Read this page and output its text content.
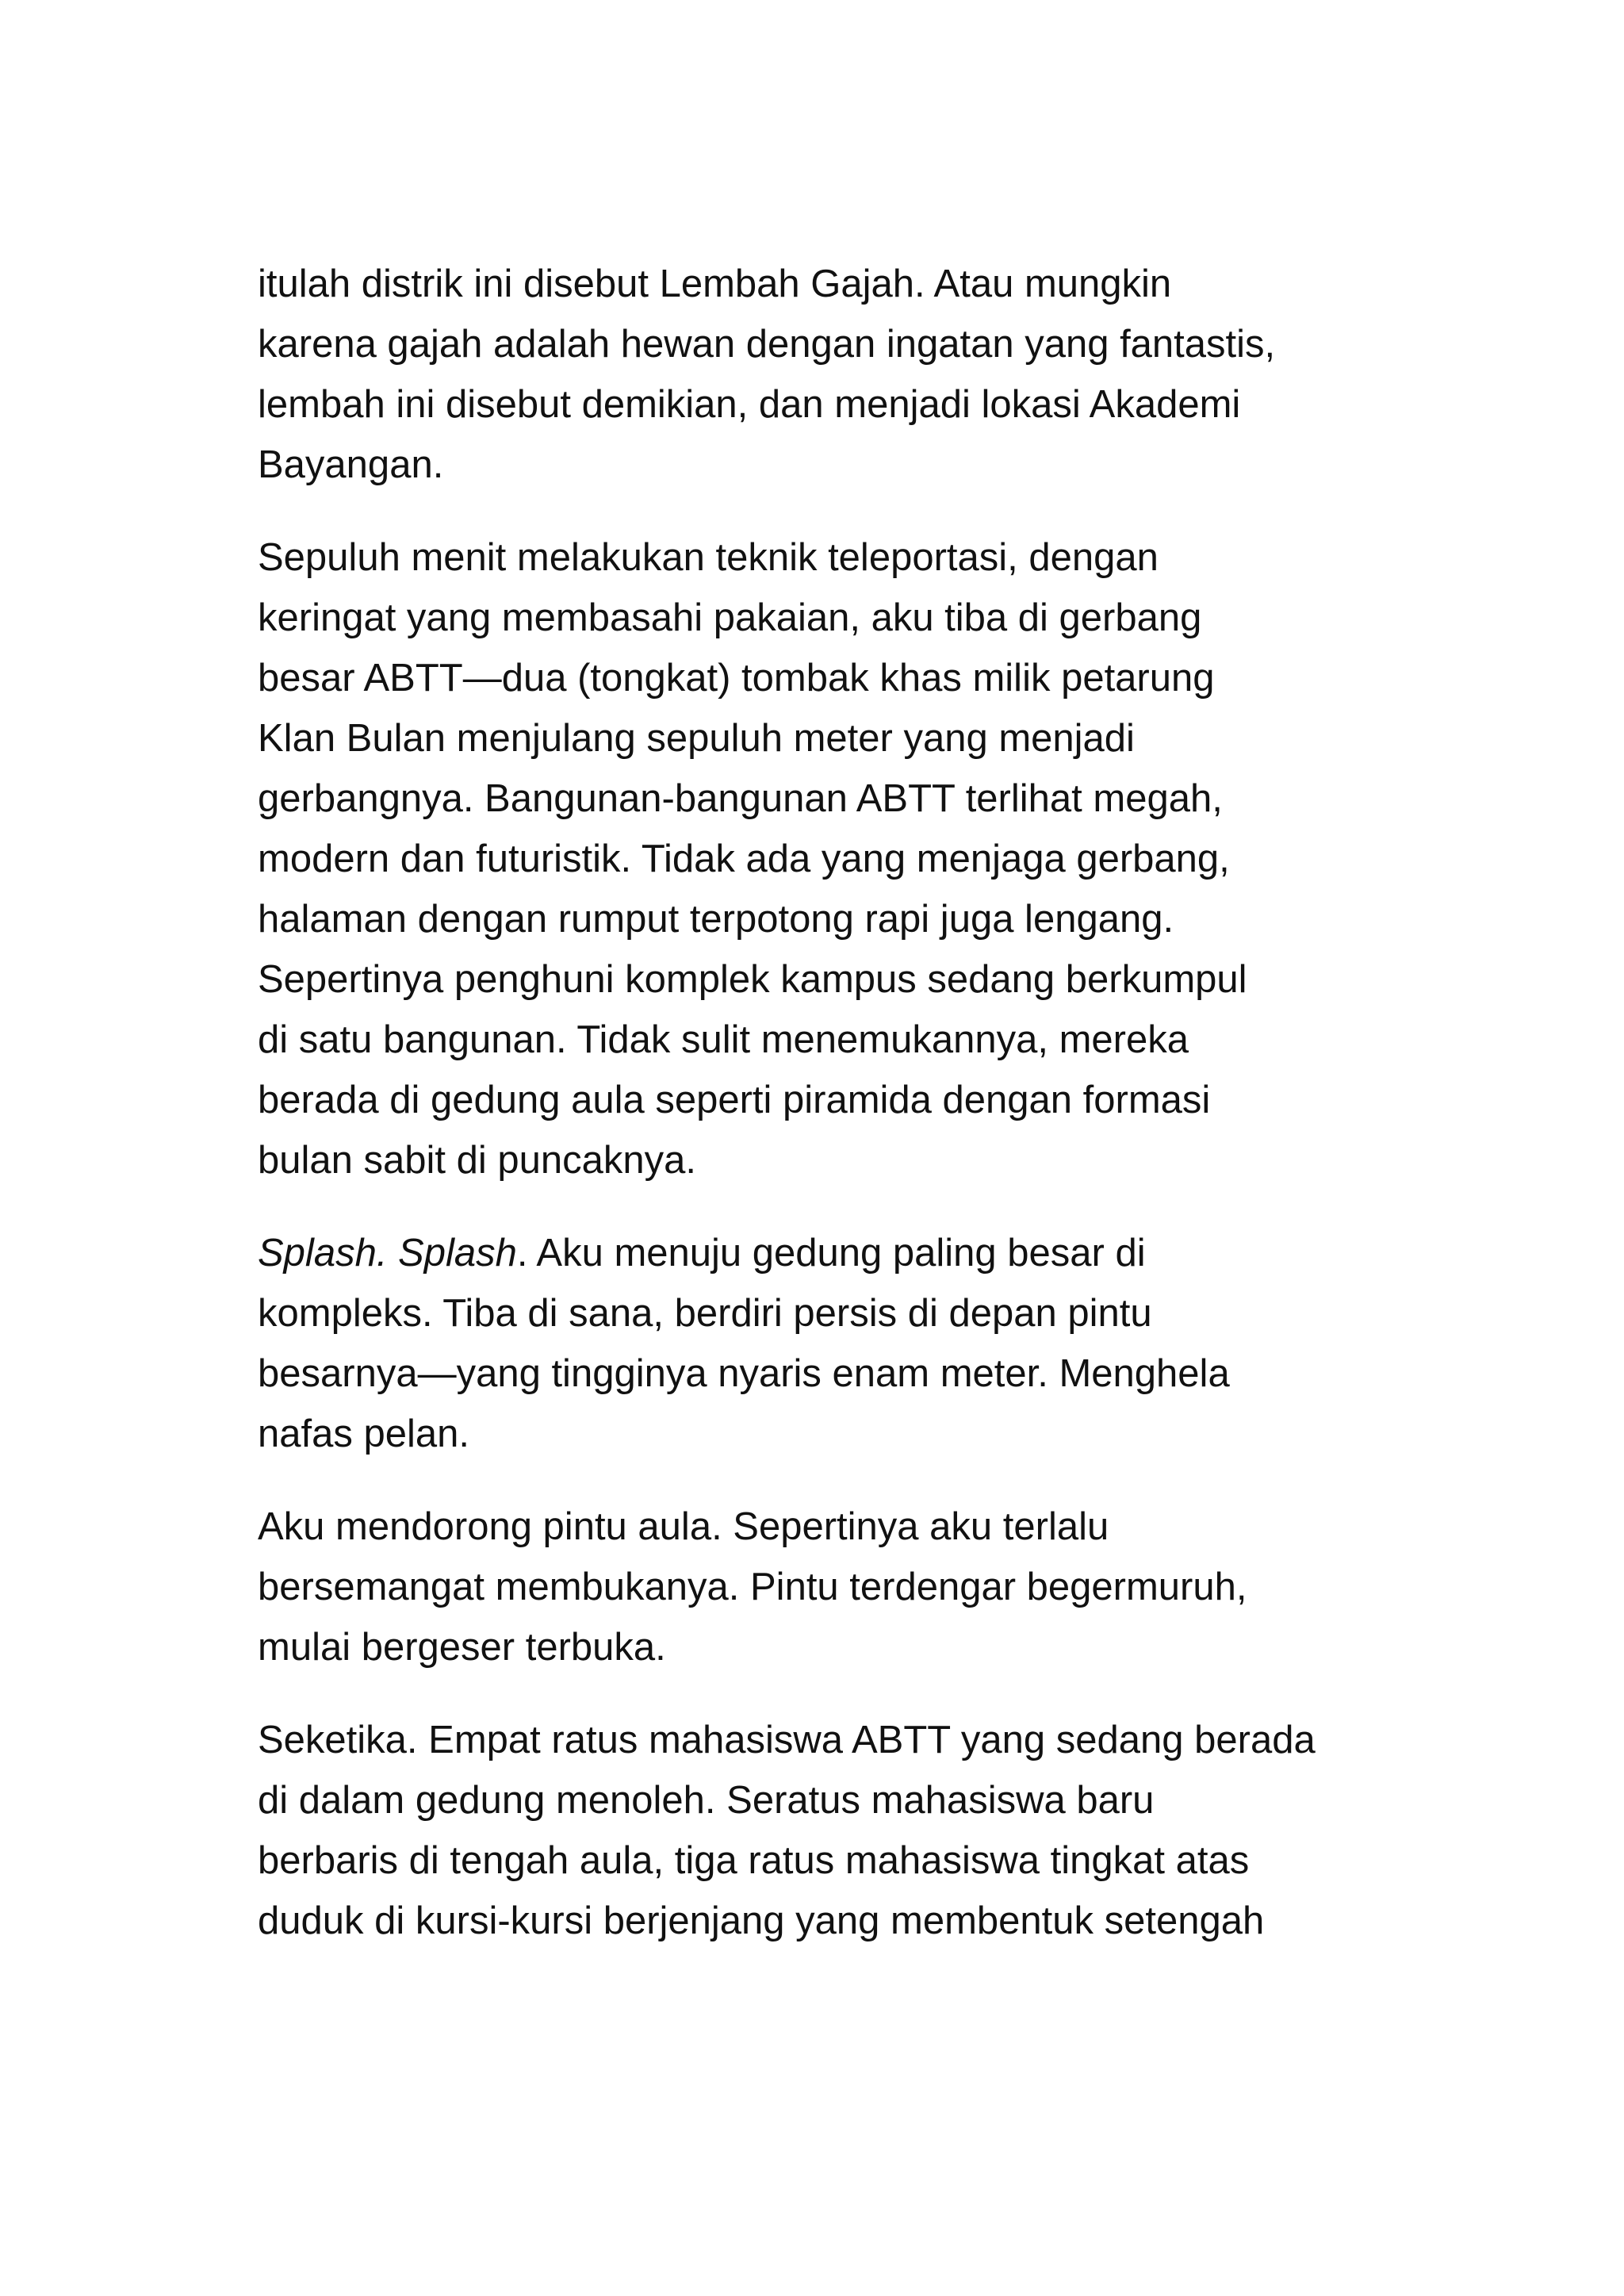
itulah distrik ini disebut Lembah Gajah. Atau mungkin
karena gajah adalah hewan dengan ingatan yang fantastis,
lembah ini disebut demikian, dan menjadi lokasi Akademi
Bayangan.

Sepuluh menit melakukan teknik teleportasi, dengan
keringat yang membasahi pakaian, aku tiba di gerbang
besar ABTT—dua (tongkat) tombak khas milik petarung
Klan Bulan menjulang sepuluh meter yang menjadi
gerbangnya. Bangunan-bangunan ABTT terlihat megah,
modern dan futuristik. Tidak ada yang menjaga gerbang,
halaman dengan rumput terpotong rapi juga lengang.
Sepertinya penghuni komplek kampus sedang berkumpul
di satu bangunan. Tidak sulit menemukannya, mereka
berada di gedung aula seperti piramida dengan formasi
bulan sabit di puncaknya.

Splash. Splash. Aku menuju gedung paling besar di
kompleks. Tiba di sana, berdiri persis di depan pintu
besarnya—yang tingginya nyaris enam meter. Menghela
nafas pelan.

Aku mendorong pintu aula. Sepertinya aku terlalu
bersemangat membukanya. Pintu terdengar begermuruh,
mulai bergeser terbuka.

Seketika. Empat ratus mahasiswa ABTT yang sedang berada
di dalam gedung menoleh. Seratus mahasiswa baru
berbaris di tengah aula, tiga ratus mahasiswa tingkat atas
duduk di kursi-kursi berjenjang yang membentuk setengah
